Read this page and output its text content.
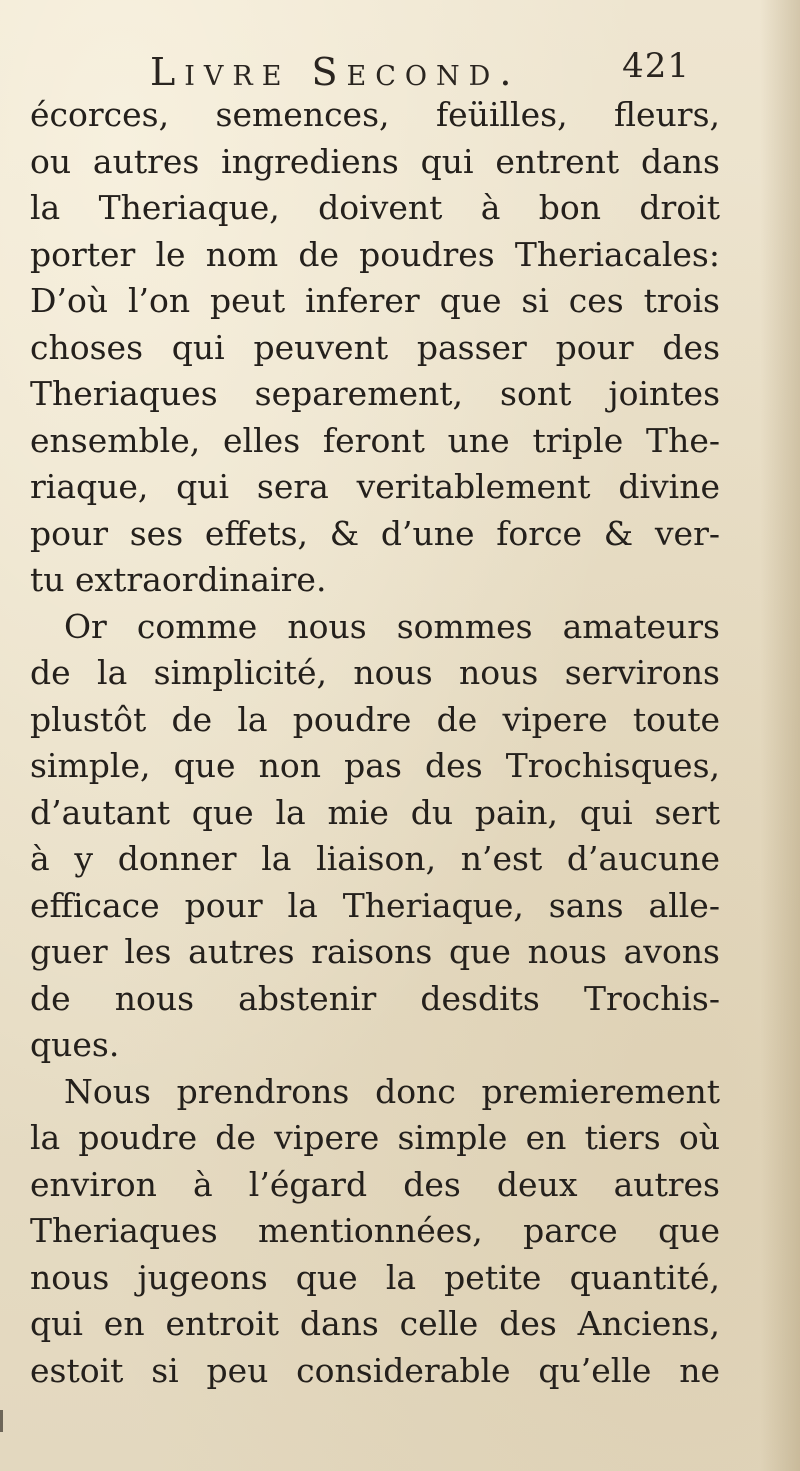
Livre Second.	421
écorces, semences, feüilles, fleurs,
ou autres ingrediens qui entrent dans
la Theriaque, doivent à bon droit
porter le nom de poudres Theriacales:
D’où l’on peut inferer que si ces trois
choses qui peuvent passer pour des
Theriaques separement, sont jointes
ensemble, elles feront une triple The-
riaque, qui sera veritablement divine
pour ses effets, & d’une force & ver-
tu extraordinaire.
Or comme nous sommes amateurs
de la simplicité, nous nous servirons
plustôt de la poudre de vipere toute
simple, que non pas des Trochisques,
d’autant que la mie du pain, qui sert
à y donner la liaison, n’est d’aucune
efficace pour la Theriaque, sans alle-
guer les autres raisons que nous avons
de nous abstenir desdits Trochis-
ques.
Nous prendrons donc premierement
la poudre de vipere simple en tiers où
environ à l’égard des deux autres
Theriaques mentionnées, parce que
nous jugeons que la petite quantité,
qui en entroit dans celle des Anciens,
estoit si peu considerable qu’elle ne
